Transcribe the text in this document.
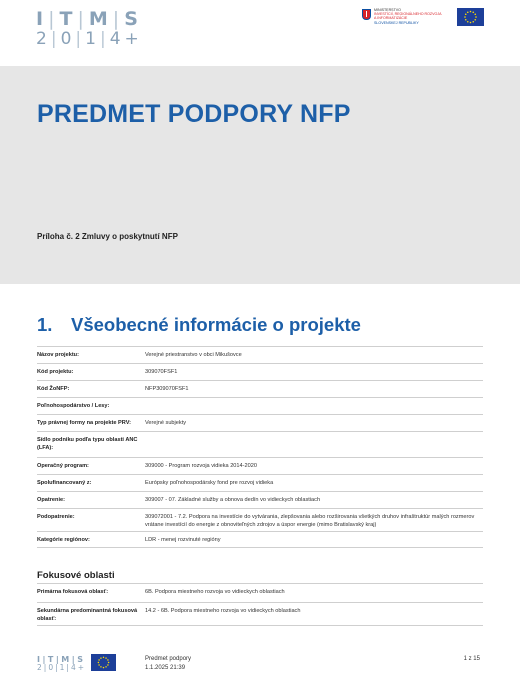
I|T|M|S
2|0|1|4+
MINISTERSTVO
INVESTÍCIÍ, REGIONÁLNEHO ROZVOJA
A INFORMATIZÁCIE
SLOVENSKEJ REPUBLIKY
PREDMET PODPORY NFP
Príloha č. 2 Zmluvy o poskytnutí NFP
1. Všeobecné informácie o projekte
Názov projektu:	Verejné priestranstvo v obci Mikušovce
Kód projektu:	309070FSF1
Kód ŽoNFP:	NFP309070FSF1
Poľnohospodárstvo / Lesy:
Typ právnej formy na projekte PRV:	Verejné subjekty
Sídlo podniku podľa typu oblasti ANC (LFA):
Operačný program:	309000 - Program rozvoja vidieka 2014-2020
Spolufinancovaný z:	Európsky poľnohospodársky fond pre rozvoj vidieka
Opatrenie:	309007 - 07. Základné služby a obnova dedín vo vidieckych oblastiach
Podopatrenie:	309072001 - 7.2. Podpora na investície do vytvárania, zlepšovania alebo rozširovania všetkých druhov infraštruktúr malých rozmerov vrátane investícií do energie z obnoviteľných zdrojov a úspor energie (mimo Bratislavský kraj)
Kategórie regiónov:	LDR - menej rozvinuté regióny
Fokusové oblasti
Primárna fokusová oblasť:	6B. Podpora miestneho rozvoja vo vidieckych oblastiach
Sekundárna predominantná fokusová oblasť:
14.2 - 6B. Podpora miestneho rozvoja vo vidieckych oblastiach
I|T|M|S
2|0|1|4+
Predmet podpory
1.1.2025 21:39
1 z 15
